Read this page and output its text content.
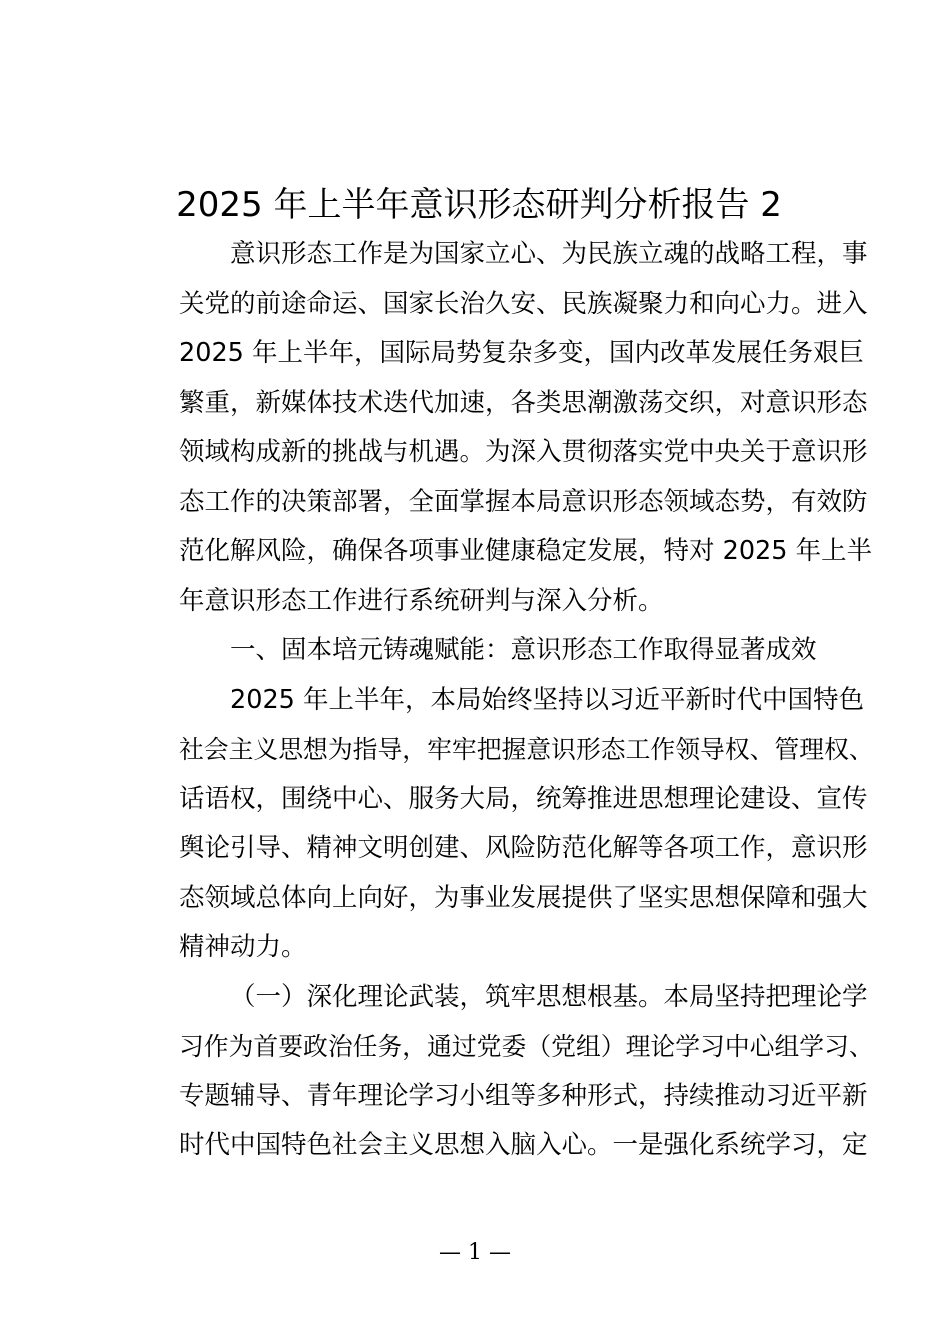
2025 年上半年意识形态研判分析报告 2
意识形态工作是为国家立心、为民族立魂的战略工程，事
关党的前途命运、国家长治久安、民族凝聚力和向心力。进入
2025 年上半年，国际局势复杂多变，国内改革发展任务艰巨
繁重，新媒体技术迭代加速，各类思潮激荡交织，对意识形态
领域构成新的挑战与机遇。为深入贯彻落实党中央关于意识形
态工作的决策部署，全面掌握本局意识形态领域态势，有效防
范化解风险，确保各项事业健康稳定发展，特对 2025 年上半
年意识形态工作进行系统研判与深入分析。
一、固本培元铸魂赋能：意识形态工作取得显著成效
2025 年上半年，本局始终坚持以习近平新时代中国特色
社会主义思想为指导，牢牢把握意识形态工作领导权、管理权、
话语权，围绕中心、服务大局，统筹推进思想理论建设、宣传
舆论引导、精神文明创建、风险防范化解等各项工作，意识形
态领域总体向上向好，为事业发展提供了坚实思想保障和强大
精神动力。
（一）深化理论武装，筑牢思想根基。本局坚持把理论学
习作为首要政治任务，通过党委（党组）理论学习中心组学习、
专题辅导、青年理论学习小组等多种形式，持续推动习近平新
时代中国特色社会主义思想入脑入心。一是强化系统学习，定
— 1 —
